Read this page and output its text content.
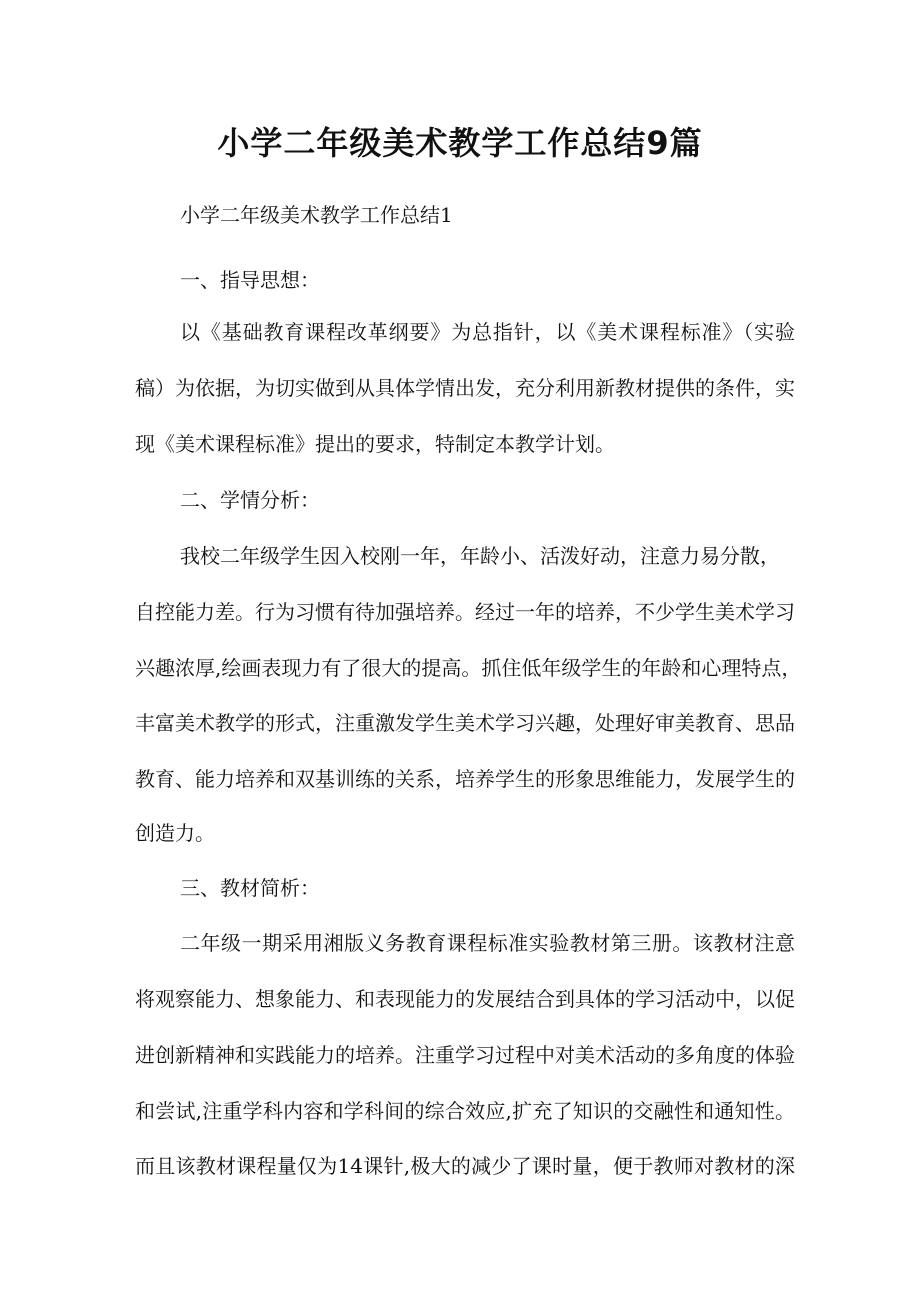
小学二年级美术教学工作总结9篇

小学二年级美术教学工作总结1

一、指导思想：

以《基础教育课程改革纲要》为总指针，以《美术课程标准》（实验

稿）为依据，为切实做到从具体学情出发，充分利用新教材提供的条件，实

现《美术课程标准》提出的要求，特制定本教学计划。

二、学情分析：

我校二年级学生因入校刚一年，年龄小、活泼好动，注意力易分散，

自控能力差。行为习惯有待加强培养。经过一年的培养，不少学生美术学习

兴趣浓厚,绘画表现力有了很大的提高。抓住低年级学生的年龄和心理特点，

丰富美术教学的形式，注重激发学生美术学习兴趣，处理好审美教育、思品

教育、能力培养和双基训练的关系，培养学生的形象思维能力，发展学生的

创造力。

三、教材简析：

二年级一期采用湘版义务教育课程标准实验教材第三册。该教材注意

将观察能力、想象能力、和表现能力的发展结合到具体的学习活动中，以促

进创新精神和实践能力的培养。注重学习过程中对美术活动的多角度的体验

和尝试,注重学科内容和学科间的综合效应,扩充了知识的交融性和通知性。

而且该教材课程量仅为14课针,极大的减少了课时量，便于教师对教材的深
